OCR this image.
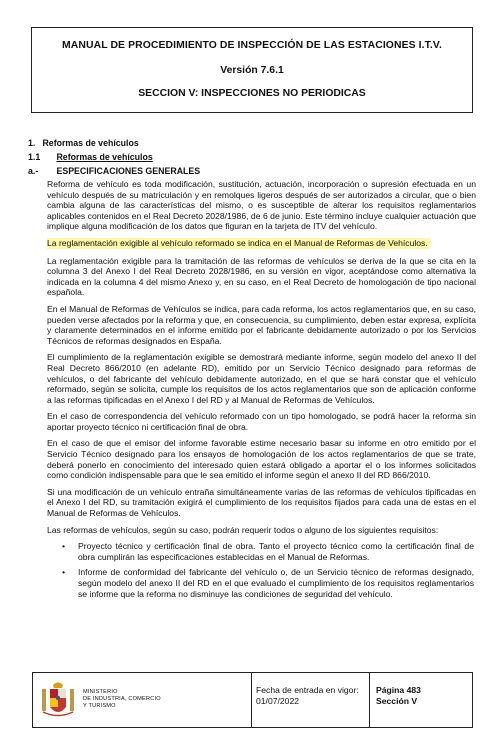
MANUAL DE PROCEDIMIENTO DE INSPECCIÓN DE LAS ESTACIONES I.T.V.
Versión 7.6.1
SECCION V: INSPECCIONES NO PERIODICAS
1. Reformas de vehículos
1.1 Reformas de vehículos
a.- ESPECIFICACIONES GENERALES

Reforma de vehículo es toda modificación, sustitución, actuación, incorporación o supresión efectuada en un vehículo después de su matriculación y en remolques ligeros después de ser autorizados a circular, que o bien cambia alguna de las características del mismo, o es susceptible de alterar los requisitos reglamentarios aplicables contenidos en el Real Decreto 2028/1986, de 6 de junio. Este término incluye cualquier actuación que implique alguna modificación de los datos que figuran en la tarjeta de ITV del vehículo.

La reglamentación exigible al vehículo reformado se indica en el Manual de Reformas de Vehículos.

La reglamentación exigible para la tramitación de las reformas de vehículos se deriva de la que se cita en la columna 3 del Anexo I del Real Decreto 2028/1986, en su versión en vigor, aceptándose como alternativa la indicada en la columna 4 del mismo Anexo y, en su caso, en el Real Decreto de homologación de tipo nacional española.

En el Manual de Reformas de Vehículos se indica, para cada reforma, los actos reglamentarios que, en su caso, pueden verse afectados por la reforma y que, en consecuencia, su cumplimiento, deben estar expresa, explícita y claramente determinados en el informe emitido por el fabricante debidamente autorizado o por los Servicios Técnicos de reformas designados en España.

El cumplimiento de la reglamentación exigible se demostrará mediante informe, según modelo del anexo II del Real Decreto 866/2010 (en adelante RD), emitido por un Servicio Técnico designado para reformas de vehículos, o del fabricante del vehículo debidamente autorizado, en el que se hará constar que el vehículo reformado, según se solicita, cumple los requisitos de los actos reglamentarios que son de aplicación conforme a las reformas tipificadas en el Anexo I del RD y al Manual de Reformas de Vehículos.

En el caso de correspondencia del vehículo reformado con un tipo homologado, se podrá hacer la reforma sin aportar proyecto técnico ni certificación final de obra.

En el caso de que el emisor del informe favorable estime necesario basar su informe en otro emitido por el Servicio Técnico designado para los ensayos de homologación de los actos reglamentarios de que se trate, deberá ponerlo en conocimiento del interesado quien estará obligado a aportar el o los informes solicitados como condición indispensable para que le sea emitido el informe según el anexo II del RD 866/2010.

Si una modificación de un vehículo entraña simultáneamente varias de las reformas de vehículos tipificadas en el Anexo I del RD, su tramitación exigirá el cumplimiento de los requisitos fijados para cada una de estas en el Manual de Reformas de Vehículos.

Las reformas de vehículos, según su caso, podrán requerir todos o alguno de los siguientes requisitos:

• Proyecto técnico y certificación final de obra. Tanto el proyecto técnico como la certificación final de obra cumplirán las especificaciones establecidas en el Manual de Reformas.
• Informe de conformidad del fabricante del vehículo o, de un Servicio técnico de reformas designado, según modelo del anexo II del RD en el que evaluado el cumplimiento de los requisitos reglamentarios se informe que la reforma no disminuye las condiciones de seguridad del vehículo.
MINISTERIO
DE INDUSTRIA, COMERCIO
Y TURISMO
Fecha de entrada en vigor:
01/07/2022
Página 483
Sección V
